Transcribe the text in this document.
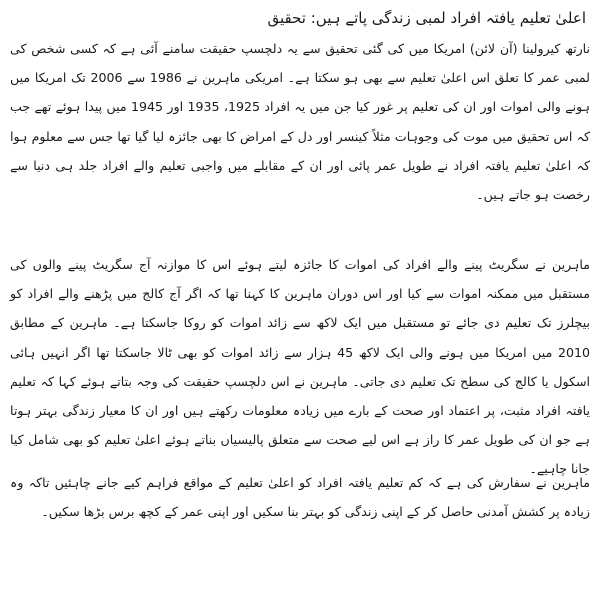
اعلیٰ تعلیم یافتہ افراد لمبی زندگی پاتے ہیں: تحقیق

نارتھ کیرولینا (آن لائن) امریکا میں کی گئی تحقیق سے یہ دلچسپ حقیقت سامنے آئی ہے کہ کسی شخص کی لمبی عمر کا تعلق اس اعلیٰ تعلیم سے بھی ہو سکتا ہے۔ امریکی ماہرین نے 1986 سے 2006 تک امریکا میں ہونے والی اموات اور ان کی تعلیم پر غور کیا جن میں یہ افراد 1925، 1935 اور 1945 میں پیدا ہوئے تھے جب کہ اس تحقیق میں موت کی وجوہات مثلاً کینسر اور دل کے امراض کا بھی جائزہ لیا گیا تھا جس سے معلوم ہوا کہ اعلیٰ تعلیم یافتہ افراد نے طویل عمر پائی اور ان کے مقابلے میں واجبی تعلیم والے افراد جلد ہی دنیا سے رخصت ہو جاتے ہیں۔

ماہرین نے سگریٹ پینے والے افراد کی اموات کا جائزہ لیتے ہوئے اس کا موازنہ آج سگریٹ پینے والوں کی مستقبل میں ممکنہ اموات سے کیا اور اس دوران ماہرین کا کہنا تھا کہ اگر آج کالج میں پڑھنے والے افراد کو بیچلرز تک تعلیم دی جائے تو مستقبل میں ایک لاکھ سے زائد اموات کو روکا جاسکتا ہے۔ ماہرین کے مطابق 2010 میں امریکا میں ہونے والی ایک لاکھ 45 ہزار سے زائد اموات کو بھی ٹالا جاسکتا تھا اگر انہیں ہائی اسکول یا کالج کی سطح تک تعلیم دی جاتی۔ ماہرین نے اس دلچسپ حقیقت کی وجہ بتاتے ہوئے کہا کہ تعلیم یافتہ افراد مثبت، پر اعتماد اور صحت کے بارے میں زیادہ معلومات رکھتے ہیں اور ان کا معیار زندگی بہتر ہوتا ہے جو ان کی طویل عمر کا راز ہے اس لیے صحت سے متعلق پالیسیاں بناتے ہوئے اعلیٰ تعلیم کو بھی شامل کیا جانا چاہیے۔

ماہرین نے سفارش کی ہے کہ کم تعلیم یافتہ افراد کو اعلیٰ تعلیم کے مواقع فراہم کیے جانے چاہئیں تاکہ وہ زیادہ پر کشش آمدنی حاصل کر کے اپنی زندگی کو بہتر بنا سکیں اور اپنی عمر کے کچھ برس بڑھا سکیں۔
